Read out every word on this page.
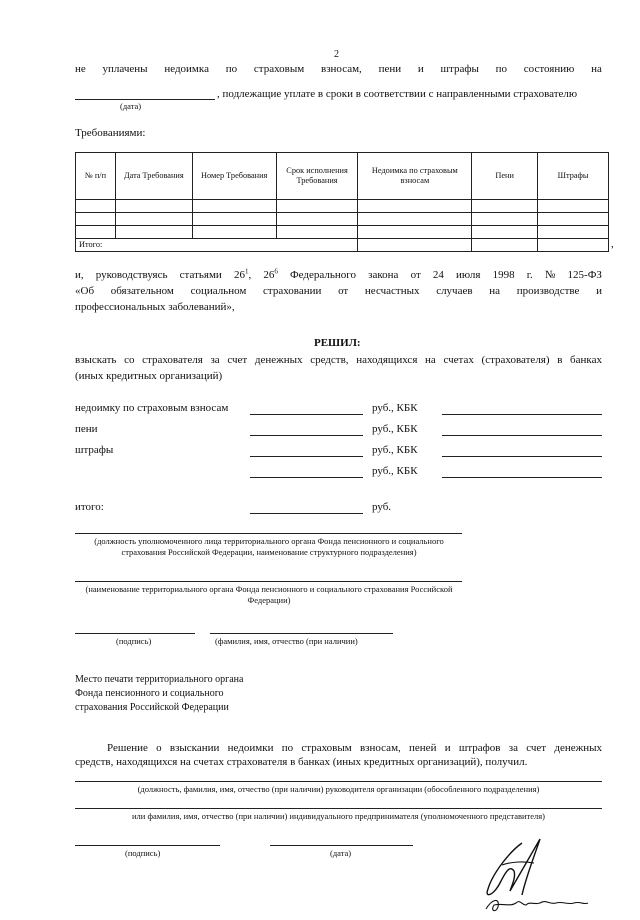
2
не уплачены недоимка по страховым взносам, пени и штрафы по состоянию на
, подлежащие уплате в сроки в соответствии с направленными страхователю
(дата)
Требованиями:
№ п/п	Дата Требования	Номер Требования	Срок исполнения Требования	Недоимка по страховым взносам	Пени	Штрафы

Итого:							,
и, руководствуясь статьями $26^1$, $26^6$ Федерального закона от 24 июля 1998 г. № 125-ФЗ
«Об обязательном социальном страховании от несчастных случаев на производстве и
профессиональных заболеваний»,
РЕШИЛ:
взыскать со страхователя за счет денежных средств, находящихся на счетах (страхователя) в банках
(иных кредитных организаций)
недоимку по страховым взносам	руб., КБК
пени	руб., КБК
штрафы	руб., КБК
руб., КБК
итого:	руб.
(должность уполномоченного лица территориального органа Фонда пенсионного и социального страхования Российской Федерации, наименование структурного подразделения)
(наименование территориального органа Фонда пенсионного и социального страхования Российской Федерации)
(подпись)	(фамилия, имя, отчество (при наличии)
Место печати территориального органа
Фонда пенсионного и социального
страхования Российской Федерации
Решение о взыскании недоимки по страховым взносам, пеней и штрафов за счет денежных
средств, находящихся на счетах страхователя в банках (иных кредитных организаций), получил.
(должность, фамилия, имя, отчество (при наличии) руководителя организации (обособленного подразделения)
или фамилия, имя, отчество (при наличии) индивидуального предпринимателя (уполномоченного представителя)
(подпись)	(дата)
